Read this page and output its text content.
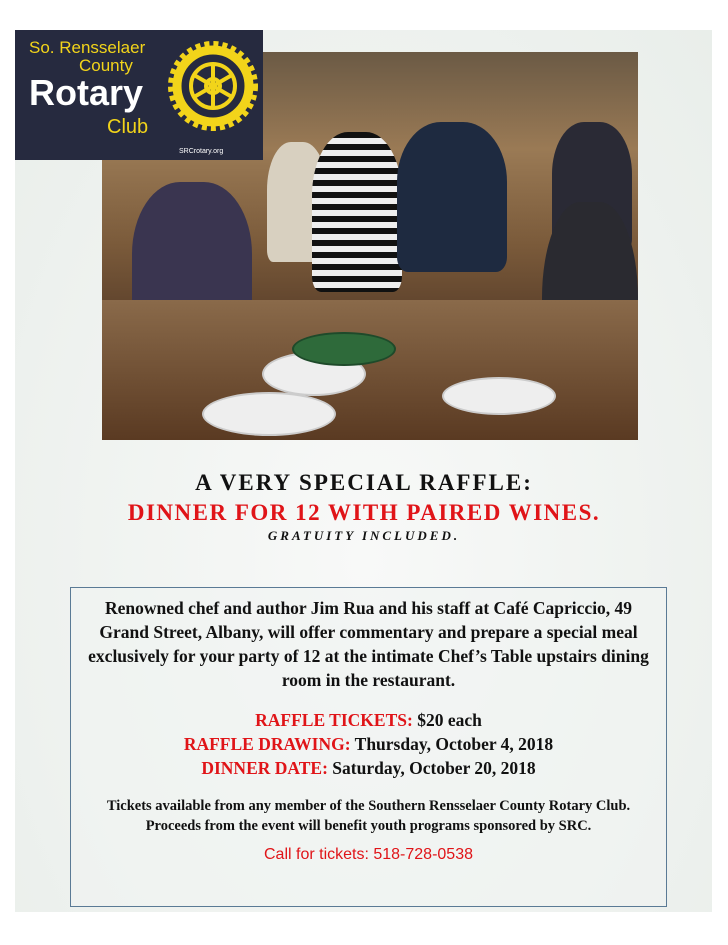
So. Rensselaer
County
Rotary
Club
SRCrotary.org
A VERY SPECIAL RAFFLE:
DINNER FOR 12 WITH PAIRED WINES.
GRATUITY INCLUDED.
Renowned chef and author Jim Rua and his staff at Café Capriccio, 49 Grand Street, Albany, will offer commentary and prepare a special meal exclusively for your party of 12 at the intimate Chef’s Table upstairs dining room in the restaurant.
RAFFLE TICKETS: $20 each
RAFFLE DRAWING: Thursday, October 4, 2018
DINNER DATE: Saturday, October 20, 2018
Tickets available from any member of the Southern Rensselaer County Rotary Club. Proceeds from the event will benefit youth programs sponsored by SRC.
Call for tickets: 518-728-0538
